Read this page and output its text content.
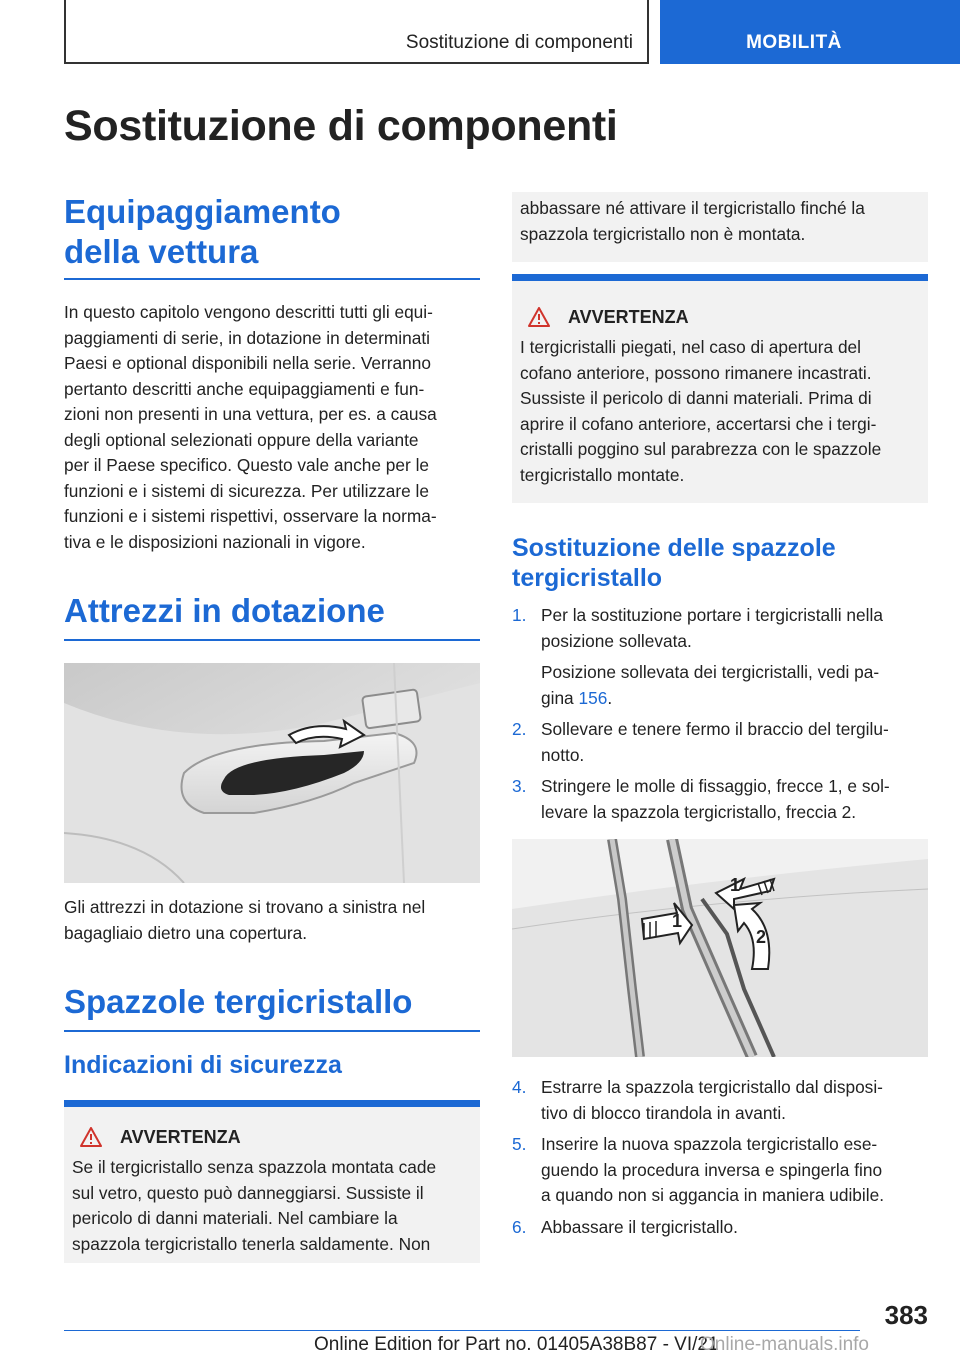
Sostituzione di componenti	MOBILITÀ
Sostituzione di componenti
Equipaggiamento della vettura

In questo capitolo vengono descritti tutti gli equi-
paggiamenti di serie, in dotazione in determinati
Paesi e optional disponibili nella serie. Verranno
pertanto descritti anche equipaggiamenti e fun-
zioni non presenti in una vettura, per es. a causa
degli optional selezionati oppure della variante
per il Paese specifico. Questo vale anche per le
funzioni e i sistemi di sicurezza. Per utilizzare le
funzioni e i sistemi rispettivi, osservare la norma-
tiva e le disposizioni nazionali in vigore.

Attrezzi in dotazione

Gli attrezzi in dotazione si trovano a sinistra nel
bagagliaio dietro una copertura.

Spazzole tergicristallo
Indicazioni di sicurezza
AVVERTENZA

Se il tergicristallo senza spazzola montata cade
sul vetro, questo può danneggiarsi. Sussiste il
pericolo di danni materiali. Nel cambiare la
spazzola tergicristallo tenerla saldamente. Non

abbassare né attivare il tergicristallo finché la
spazzola tergicristallo non è montata.

AVVERTENZA

I tergicristalli piegati, nel caso di apertura del
cofano anteriore, possono rimanere incastrati.
Sussiste il pericolo di danni materiali. Prima di
aprire il cofano anteriore, accertarsi che i tergi-
cristalli poggino sul parabrezza con le spazzole
tergicristallo montate.

Sostituzione delle spazzole tergicristallo
1. Per la sostituzione portare i tergicristalli nella
posizione sollevata.

Posizione sollevata dei tergicristalli, vedi pa-
gina 156.
2. Sollevare e tenere fermo il braccio del tergilu-
notto.
3. Stringere le molle di fissaggio, frecce 1, e sol-
levare la spazzola tergicristallo, freccia 2.
1
1
2
4. Estrarre la spazzola tergicristallo dal disposi-
tivo di blocco tirandola in avanti.
5. Inserire la nuova spazzola tergicristallo ese-
guendo la procedura inversa e spingerla fino
a quando non si aggancia in maniera udibile.
6. Abbassare il tergicristallo.
383
Online Edition for Part no. 01405A38B87 - VI/21
Online-manuals.info
